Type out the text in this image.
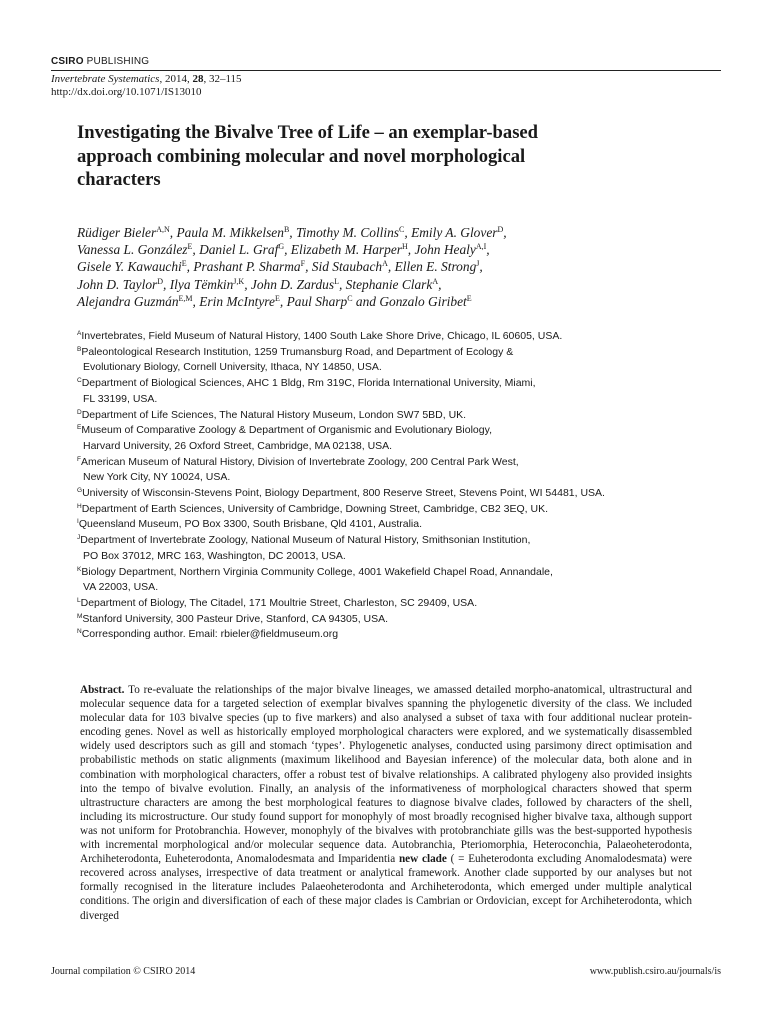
CSIRO PUBLISHING
Invertebrate Systematics, 2014, 28, 32–115
http://dx.doi.org/10.1071/IS13010
Investigating the Bivalve Tree of Life – an exemplar-based
approach combining molecular and novel morphological
characters
Rüdiger Bieler$^{A,N}$, Paula M. Mikkelsen$^B$, Timothy M. Collins$^C$, Emily A. Glover$^D$,
Vanessa L. González$^E$, Daniel L. Graf$^G$, Elizabeth M. Harper$^H$, John Healy$^{A,I}$,
Gisele Y. Kawauchi$^E$, Prashant P. Sharma$^F$, Sid Staubach$^A$, Ellen E. Strong$^J$,
John D. Taylor$^D$, Ilya Tëmkin$^{J,K}$, John D. Zardus$^L$, Stephanie Clark$^A$,
Alejandra Guzmán$^{E,M}$, Erin McIntyre$^E$, Paul Sharp$^C$ and Gonzalo Giribet$^E$
$^A$Invertebrates, Field Museum of Natural History, 1400 South Lake Shore Drive, Chicago, IL 60605, USA.
$^B$Paleontological Research Institution, 1259 Trumansburg Road, and Department of Ecology &
Evolutionary Biology, Cornell University, Ithaca, NY 14850, USA.
$^C$Department of Biological Sciences, AHC 1 Bldg, Rm 319C, Florida International University, Miami,
FL 33199, USA.
$^D$Department of Life Sciences, The Natural History Museum, London SW7 5BD, UK.
$^E$Museum of Comparative Zoology & Department of Organismic and Evolutionary Biology,
Harvard University, 26 Oxford Street, Cambridge, MA 02138, USA.
$^F$American Museum of Natural History, Division of Invertebrate Zoology, 200 Central Park West,
New York City, NY 10024, USA.
$^G$University of Wisconsin-Stevens Point, Biology Department, 800 Reserve Street, Stevens Point, WI 54481, USA.
$^H$Department of Earth Sciences, University of Cambridge, Downing Street, Cambridge, CB2 3EQ, UK.
$^I$Queensland Museum, PO Box 3300, South Brisbane, Qld 4101, Australia.
$^J$Department of Invertebrate Zoology, National Museum of Natural History, Smithsonian Institution,
PO Box 37012, MRC 163, Washington, DC 20013, USA.
$^K$Biology Department, Northern Virginia Community College, 4001 Wakefield Chapel Road, Annandale,
VA 22003, USA.
$^L$Department of Biology, The Citadel, 171 Moultrie Street, Charleston, SC 29409, USA.
$^M$Stanford University, 300 Pasteur Drive, Stanford, CA 94305, USA.
$^N$Corresponding author. Email: rbieler@fieldmuseum.org
Abstract. To re-evaluate the relationships of the major bivalve lineages, we amassed detailed morpho-anatomical, ultrastructural and molecular sequence data for a targeted selection of exemplar bivalves spanning the phylogenetic diversity of the class. We included molecular data for 103 bivalve species (up to five markers) and also analysed a subset of taxa with four additional nuclear protein-encoding genes. Novel as well as historically employed morphological characters were explored, and we systematically disassembled widely used descriptors such as gill and stomach ‘types’. Phylogenetic analyses, conducted using parsimony direct optimisation and probabilistic methods on static alignments (maximum likelihood and Bayesian inference) of the molecular data, both alone and in combination with morphological characters, offer a robust test of bivalve relationships. A calibrated phylogeny also provided insights into the tempo of bivalve evolution. Finally, an analysis of the informativeness of morphological characters showed that sperm ultrastructure characters are among the best morphological features to diagnose bivalve clades, followed by characters of the shell, including its microstructure. Our study found support for monophyly of most broadly recognised higher bivalve taxa, although support was not uniform for Protobranchia. However, monophyly of the bivalves with protobranchiate gills was the best-supported hypothesis with incremental morphological and/or molecular sequence data. Autobranchia, Pteriomorphia, Heteroconchia, Palaeoheterodonta, Archiheterodonta, Euheterodonta, Anomalodesmata and Imparidentia new clade ( = Euheterodonta excluding Anomalodesmata) were recovered across analyses, irrespective of data treatment or analytical framework. Another clade supported by our analyses but not formally recognised in the literature includes Palaeoheterodonta and Archiheterodonta, which emerged under multiple analytical conditions. The origin and diversification of each of these major clades is Cambrian or Ordovician, except for Archiheterodonta, which diverged
Journal compilation © CSIRO 2014	www.publish.csiro.au/journals/is
